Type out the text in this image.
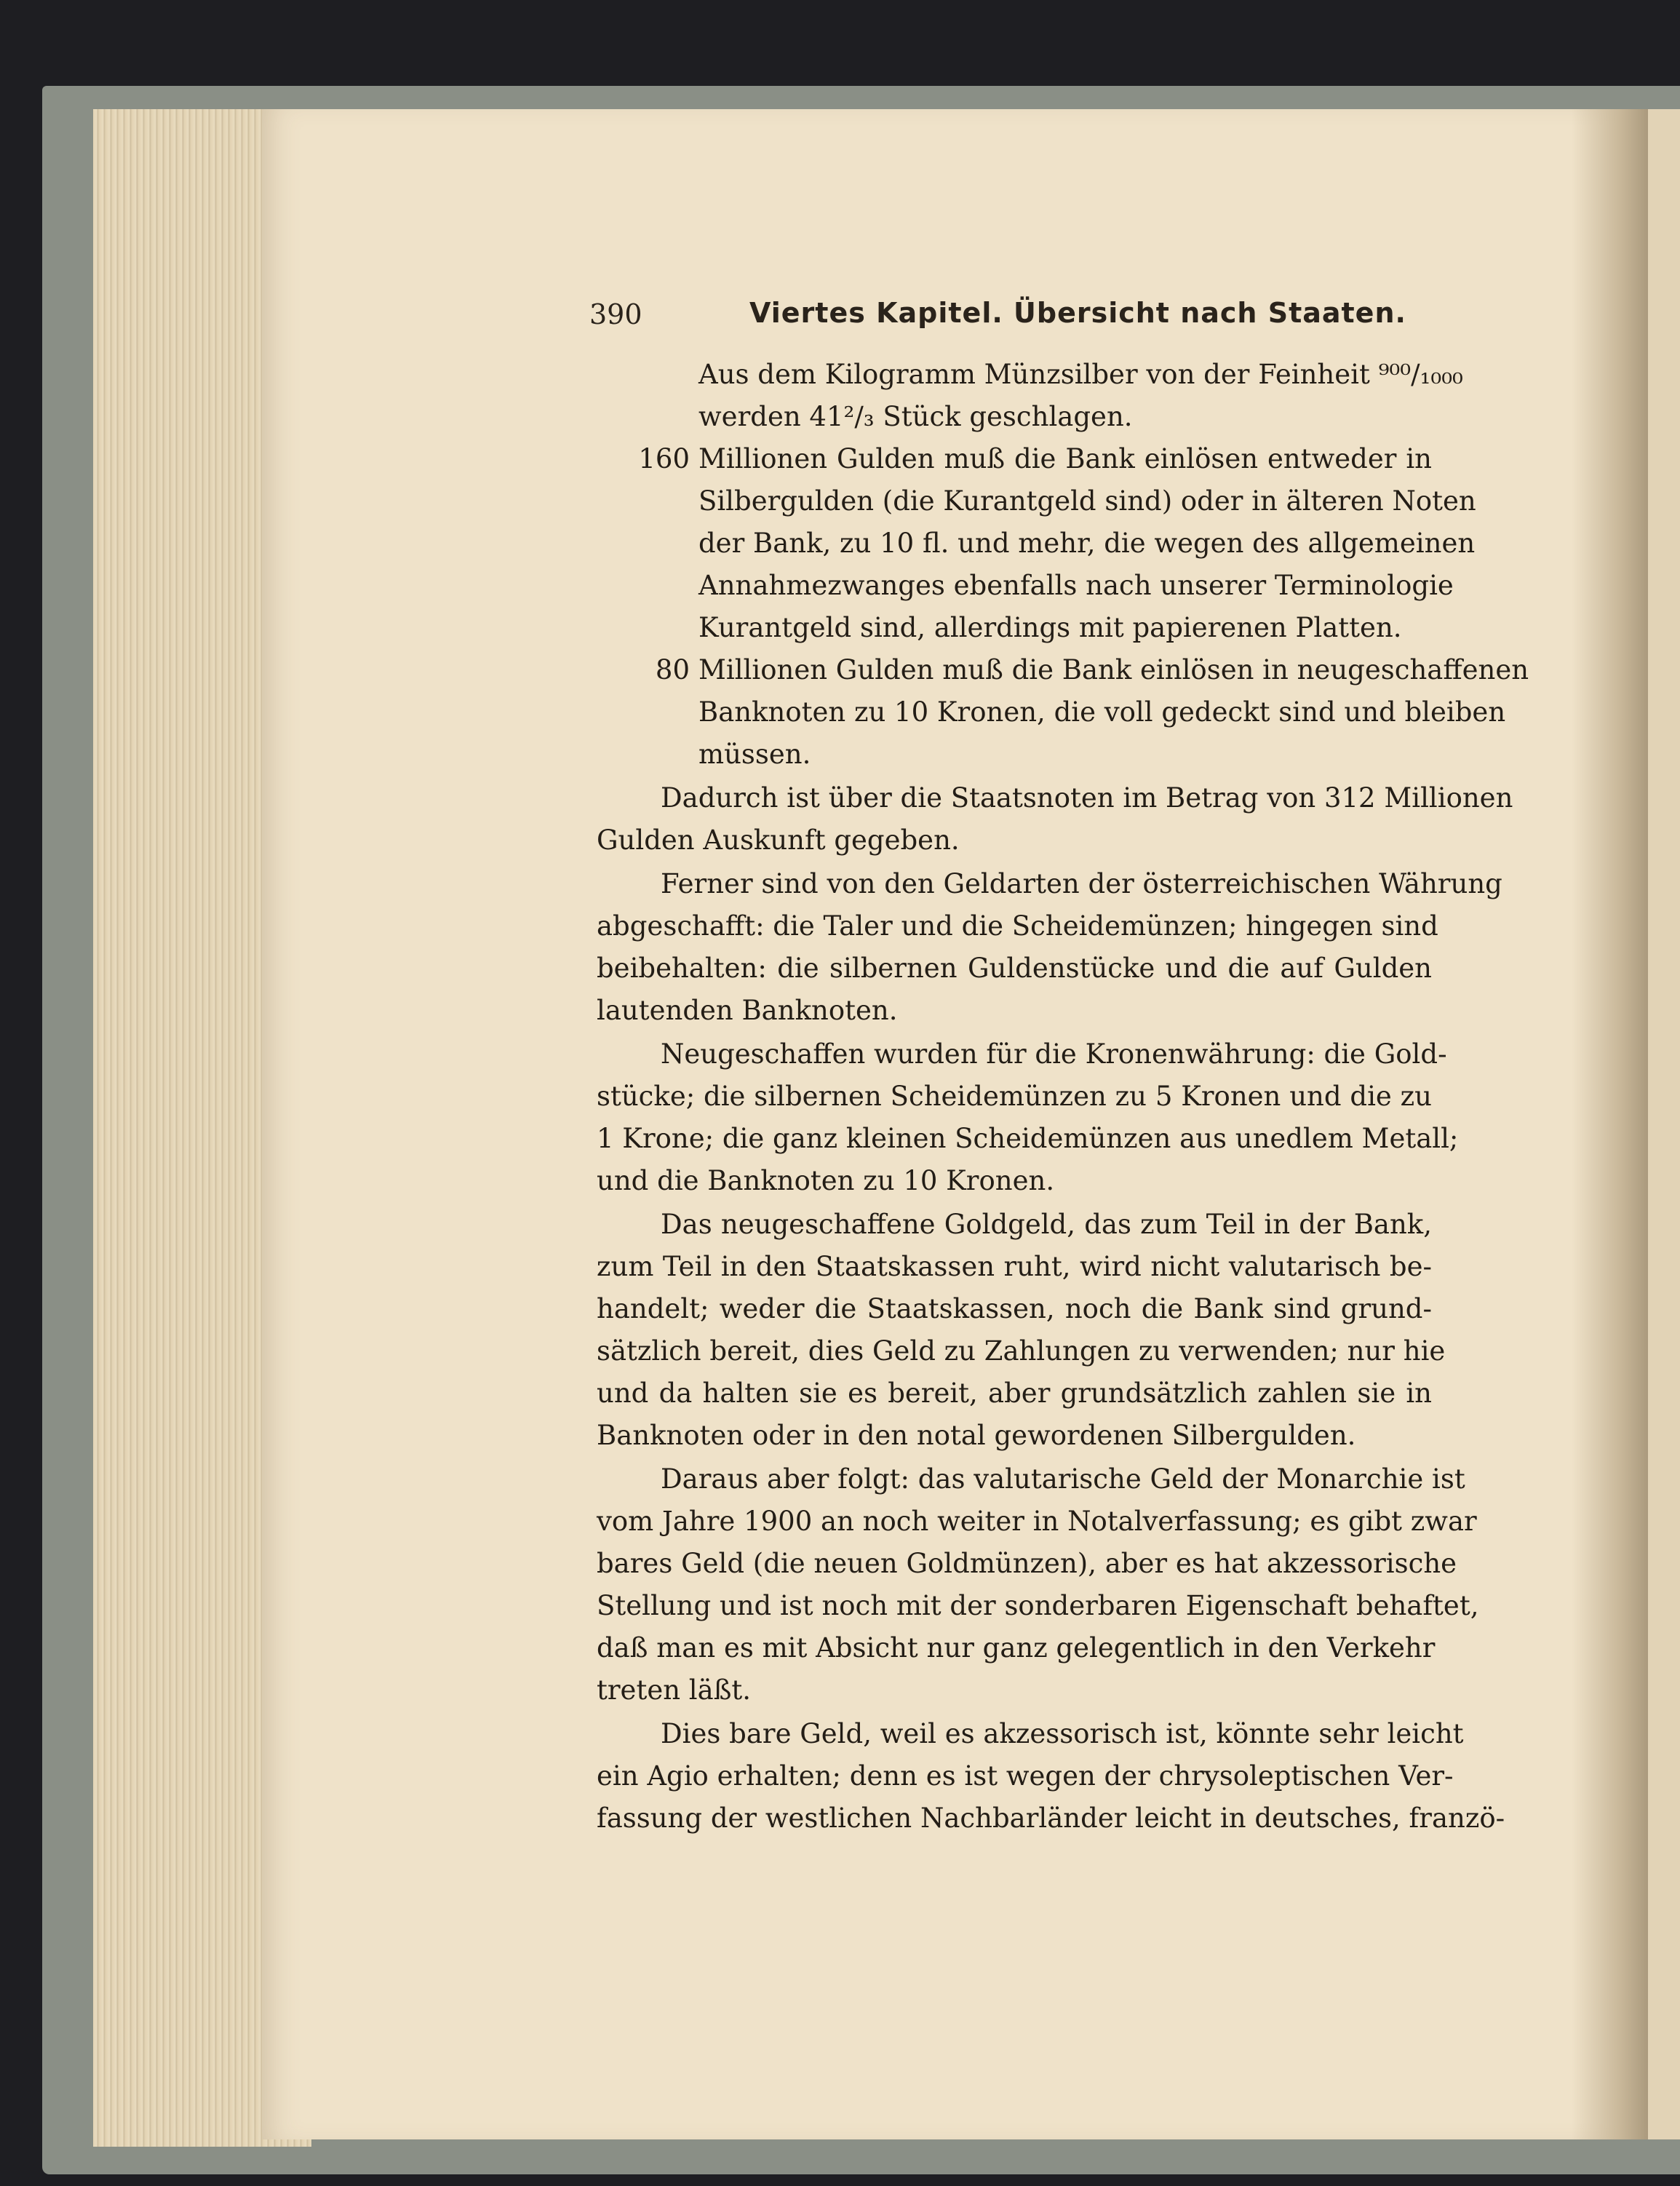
390	Viertes Kapitel. Übersicht nach Staaten.
Aus dem Kilogramm Münzsilber von der Feinheit ⁹⁰⁰/₁₀₀₀
werden 41²/₃ Stück geschlagen.
160 Millionen Gulden muß die Bank einlösen entweder in
Silbergulden (die Kurantgeld sind) oder in älteren Noten
der Bank, zu 10 fl. und mehr, die wegen des allgemeinen
Annahmezwanges ebenfalls nach unserer Terminologie
Kurantgeld sind, allerdings mit papierenen Platten.
80 Millionen Gulden muß die Bank einlösen in neugeschaffenen
Banknoten zu 10 Kronen, die voll gedeckt sind und bleiben
müssen.
Dadurch ist über die Staatsnoten im Betrag von 312 Millionen
Gulden Auskunft gegeben.
Ferner sind von den Geldarten der österreichischen Währung
abgeschafft: die Taler und die Scheidemünzen; hingegen sind
beibehalten: die silbernen Guldenstücke und die auf Gulden
lautenden Banknoten.
Neugeschaffen wurden für die Kronenwährung: die Gold-
stücke; die silbernen Scheidemünzen zu 5 Kronen und die zu
1 Krone; die ganz kleinen Scheidemünzen aus unedlem Metall;
und die Banknoten zu 10 Kronen.
Das neugeschaffene Goldgeld, das zum Teil in der Bank,
zum Teil in den Staatskassen ruht, wird nicht valutarisch be-
handelt; weder die Staatskassen, noch die Bank sind grund-
sätzlich bereit, dies Geld zu Zahlungen zu verwenden; nur hie
und da halten sie es bereit, aber grundsätzlich zahlen sie in
Banknoten oder in den notal gewordenen Silbergulden.
Daraus aber folgt: das valutarische Geld der Monarchie ist
vom Jahre 1900 an noch weiter in Notalverfassung; es gibt zwar
bares Geld (die neuen Goldmünzen), aber es hat akzessorische
Stellung und ist noch mit der sonderbaren Eigenschaft behaftet,
daß man es mit Absicht nur ganz gelegentlich in den Verkehr
treten läßt.
Dies bare Geld, weil es akzessorisch ist, könnte sehr leicht
ein Agio erhalten; denn es ist wegen der chrysoleptischen Ver-
fassung der westlichen Nachbarländer leicht in deutsches, franzö-
